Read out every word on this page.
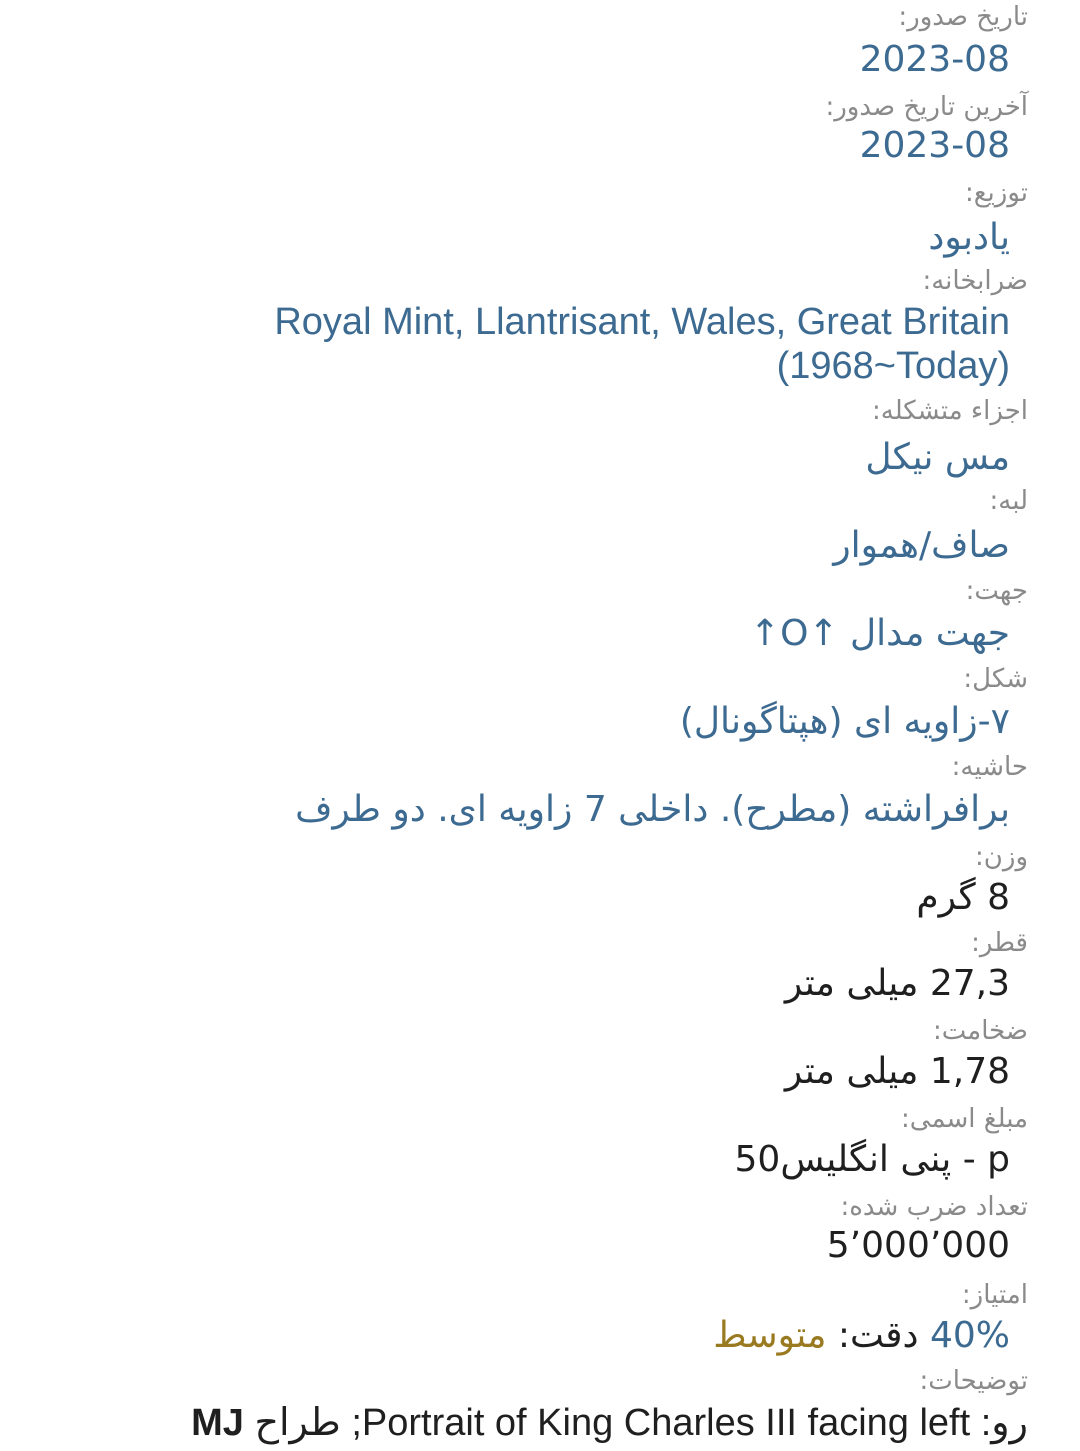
تاریخ صدور:
2023-08
آخرین تاریخ صدور:
2023-08
توزیع:
یادبود
ضرابخانه:
Royal Mint, Llantrisant, Wales, Great Britain
(1968~Today)
اجزاء متشکله:
مس نیکل
لبه:
صاف/هموار
جهت:
جهت مدال ↑O↑
شکل:
۷-زاویه ای (هپتاگونال)
حاشیه:
برافراشته (مطرح). داخلی 7 زاویه ای. دو طرف
وزن:
8 گرم
قطر:
27,3 میلی متر
ضخامت:
1,78 میلی متر
مبلغ اسمی:
p - پنی انگلیس50
تعداد ضرب شده:
5’000’000
امتیاز:
40% دقت: متوسط
توضیحات:
رو: Portrait of King Charles III facing left; طراح MJ
